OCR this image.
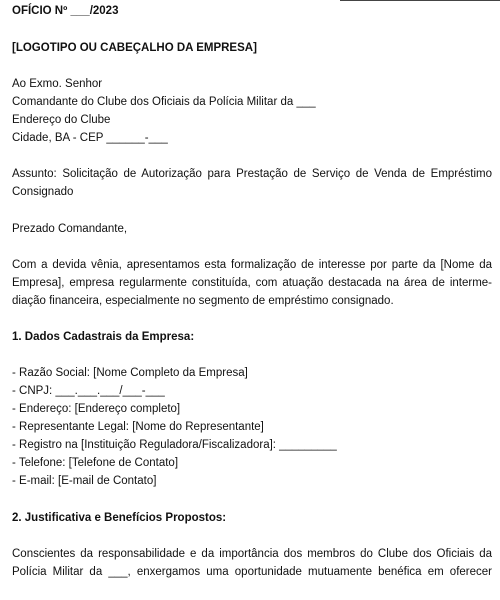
OFÍCIO Nº ___/2023
[LOGOTIPO OU CABEÇALHO DA EMPRESA]
Ao Exmo. Senhor
Comandante do Clube dos Oficiais da Polícia Militar da ___
Endereço do Clube
Cidade, BA - CEP ______-___
Assunto: Solicitação de Autorização para Prestação de Serviço de Venda de Empréstimo
Consignado
Prezado Comandante,
Com a devida vênia, apresentamos esta formalização de interesse por parte da [Nome da
Empresa], empresa regularmente constituída, com atuação destacada na área de interme-
diação financeira, especialmente no segmento de empréstimo consignado.
1. Dados Cadastrais da Empresa:
- Razão Social: [Nome Completo da Empresa]
- CNPJ: ___.___.___/___-___
- Endereço: [Endereço completo]
- Representante Legal: [Nome do Representante]
- Registro na [Instituição Reguladora/Fiscalizadora]: _________
- Telefone: [Telefone de Contato]
- E-mail: [E-mail de Contato]
2. Justificativa e Benefícios Propostos:
Conscientes da responsabilidade e da importância dos membros do Clube dos Oficiais da
Polícia Militar da ___, enxergamos uma oportunidade mutuamente benéfica em oferecer
